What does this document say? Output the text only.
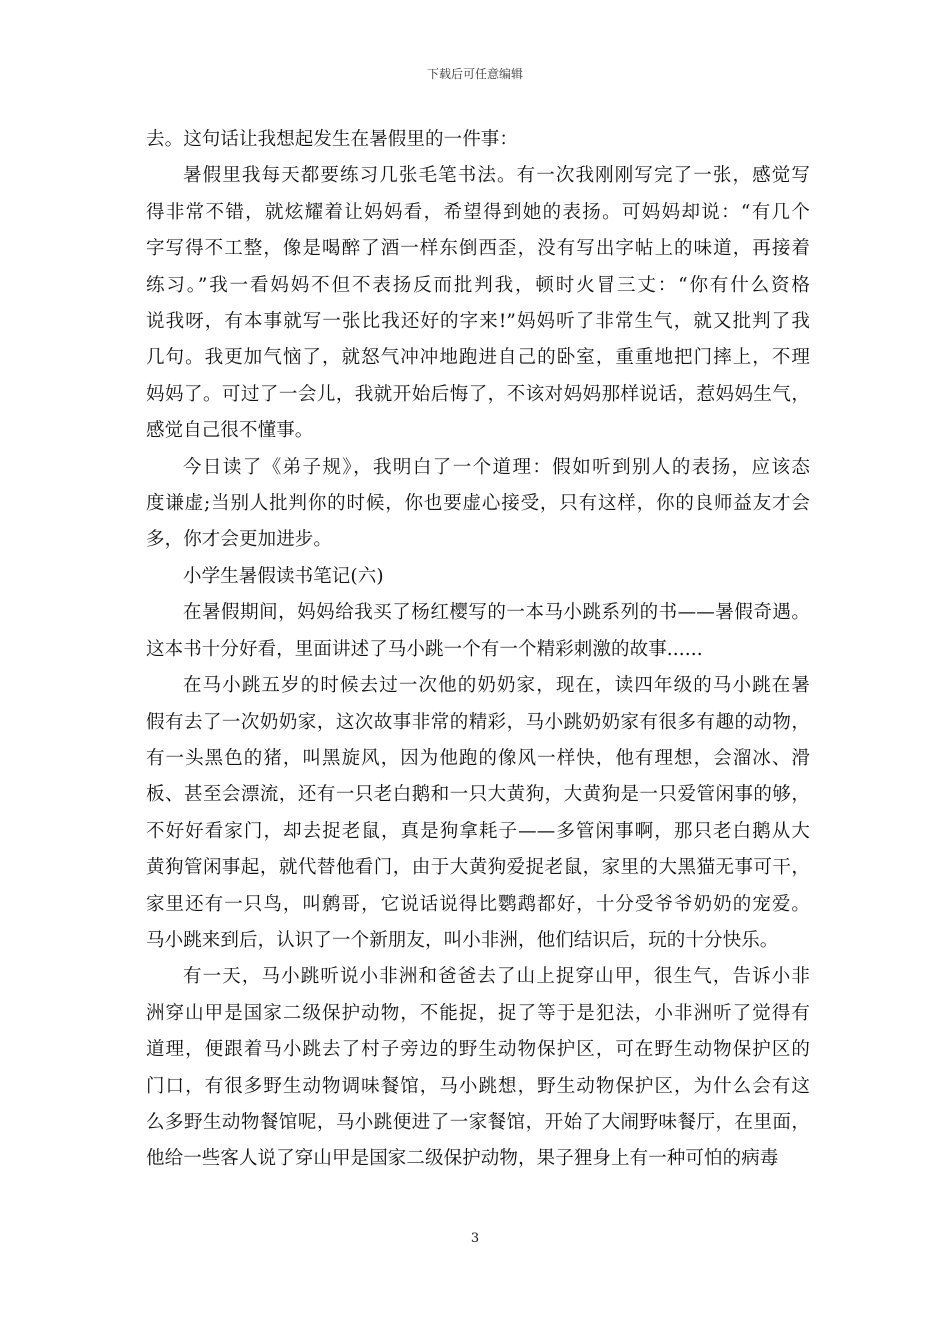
下载后可任意编辑
去。这句话让我想起发生在暑假里的一件事：
暑假里我每天都要练习几张毛笔书法。有一次我刚刚写完了一张，感觉写
得非常不错，就炫耀着让妈妈看，希望得到她的表扬。可妈妈却说：“有几个
字写得不工整，像是喝醉了酒一样东倒西歪，没有写出字帖上的味道，再接着
练习。”我一看妈妈不但不表扬反而批判我，顿时火冒三丈：“你有什么资格
说我呀，有本事就写一张比我还好的字来!”妈妈听了非常生气，就又批判了我
几句。我更加气恼了，就怒气冲冲地跑进自己的卧室，重重地把门摔上，不理
妈妈了。可过了一会儿，我就开始后悔了，不该对妈妈那样说话，惹妈妈生气，
感觉自己很不懂事。
今日读了《弟子规》，我明白了一个道理：假如听到别人的表扬，应该态
度谦虚;当别人批判你的时候，你也要虚心接受，只有这样，你的良师益友才会
多，你才会更加进步。
小学生暑假读书笔记(六)
在暑假期间，妈妈给我买了杨红樱写的一本马小跳系列的书——暑假奇遇。
这本书十分好看，里面讲述了马小跳一个有一个精彩刺激的故事......
在马小跳五岁的时候去过一次他的奶奶家，现在，读四年级的马小跳在暑
假有去了一次奶奶家，这次故事非常的精彩，马小跳奶奶家有很多有趣的动物，
有一头黑色的猪，叫黑旋风，因为他跑的像风一样快，他有理想，会溜冰、滑
板、甚至会漂流，还有一只老白鹅和一只大黄狗，大黄狗是一只爱管闲事的够，
不好好看家门，却去捉老鼠，真是狗拿耗子——多管闲事啊，那只老白鹅从大
黄狗管闲事起，就代替他看门，由于大黄狗爱捉老鼠，家里的大黑猫无事可干，
家里还有一只鸟，叫鹩哥，它说话说得比鹦鹉都好，十分受爷爷奶奶的宠爱。
马小跳来到后，认识了一个新朋友，叫小非洲，他们结识后，玩的十分快乐。
有一天，马小跳听说小非洲和爸爸去了山上捉穿山甲，很生气，告诉小非
洲穿山甲是国家二级保护动物，不能捉，捉了等于是犯法，小非洲听了觉得有
道理，便跟着马小跳去了村子旁边的野生动物保护区，可在野生动物保护区的
门口，有很多野生动物调味餐馆，马小跳想，野生动物保护区，为什么会有这
么多野生动物餐馆呢，马小跳便进了一家餐馆，开始了大闹野味餐厅，在里面，
他给一些客人说了穿山甲是国家二级保护动物，果子狸身上有一种可怕的病毒
3
